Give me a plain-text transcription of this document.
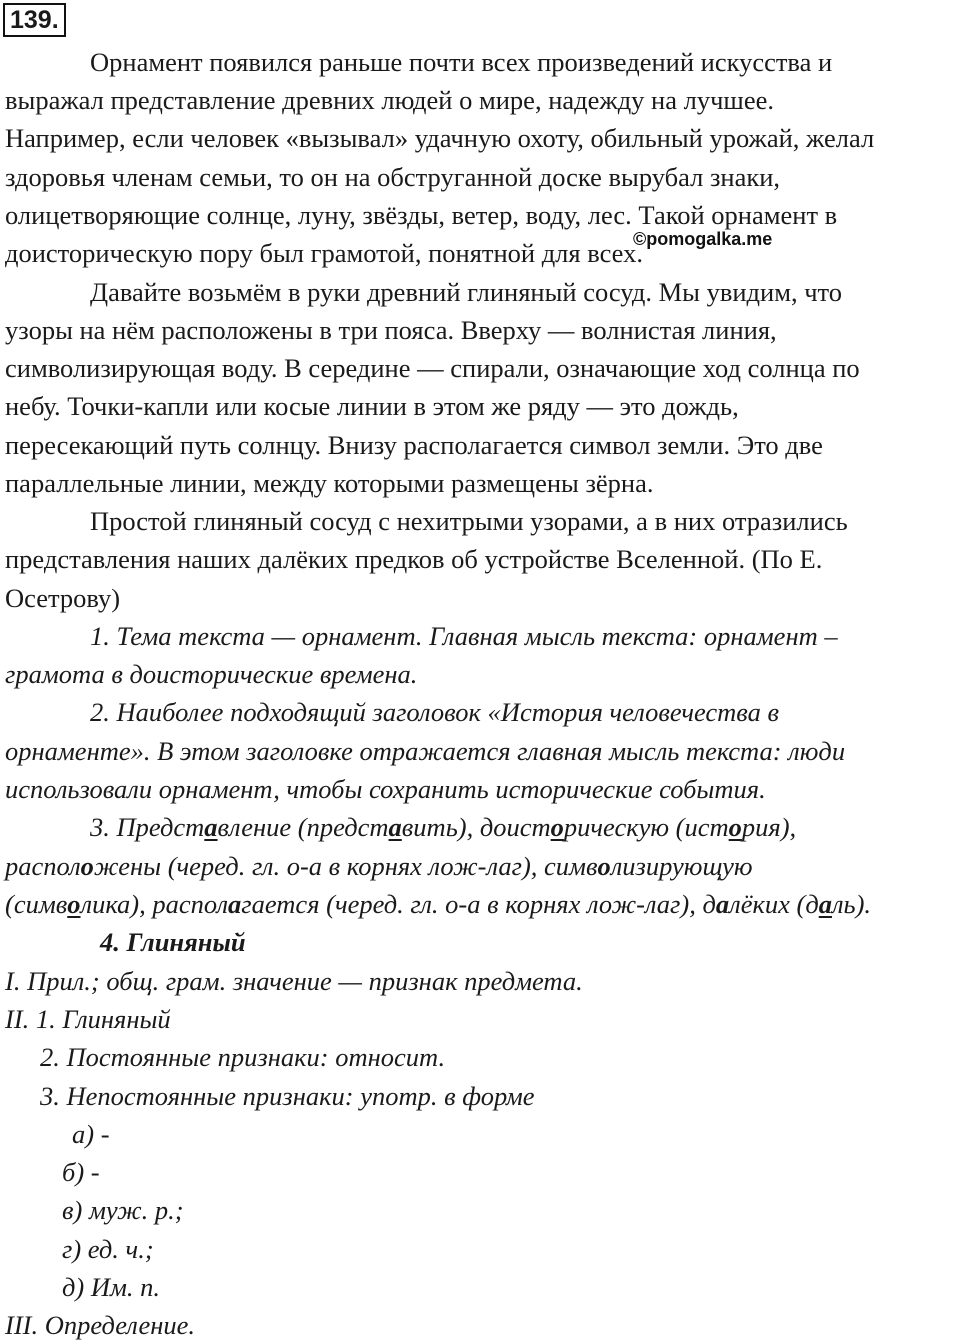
139.
Орнамент появился раньше почти всех произведений искусства и
выражал представление древних людей о мире, надежду на лучшее.
Например, если человек «вызывал» удачную охоту, обильный урожай, желал
здоровья членам семьи, то он на обструганной доске вырубал знаки,
олицетворяющие солнце, луну, звёзды, ветер, воду, лес. Такой орнамент в
доисторическую пору был грамотой, понятной для всех.
©pomogalka.me
Давайте возьмём в руки древний глиняный сосуд. Мы увидим, что
узоры на нём расположены в три пояса. Вверху — волнистая линия,
символизирующая воду. В середине — спирали, означающие ход солнца по
небу. Точки-капли или косые линии в этом же ряду — это дождь,
пересекающий путь солнцу. Внизу располагается символ земли. Это две
параллельные линии, между которыми размещены зёрна.
Простой глиняный сосуд с нехитрыми узорами, а в них отразились
представления наших далёких предков об устройстве Вселенной. (По Е.
Осетрову)
1. Тема текста — орнамент. Главная мысль текста: орнамент –
грамота в доисторические времена.
2. Наиболее подходящий заголовок «История человечества в
орнаменте». В этом заголовке отражается главная мысль текста: люди
использовали орнамент, чтобы сохранить исторические события.
3. Представление (представить), доисторическую (история),
расположены (черед. гл. о-а в корнях лож-лаг), символизирующую
(символика), располагается (черед. гл. о-а в корнях лож-лаг), далёких (даль).
4. Глиняный
I. Прил.; общ. грам. значение — признак предмета.
II. 1. Глиняный
2. Постоянные признаки: относит.
3. Непостоянные признаки: употр. в форме
а) -
б) -
в) муж. р.;
г) ед. ч.;
д) Им. п.
III. Определение.
